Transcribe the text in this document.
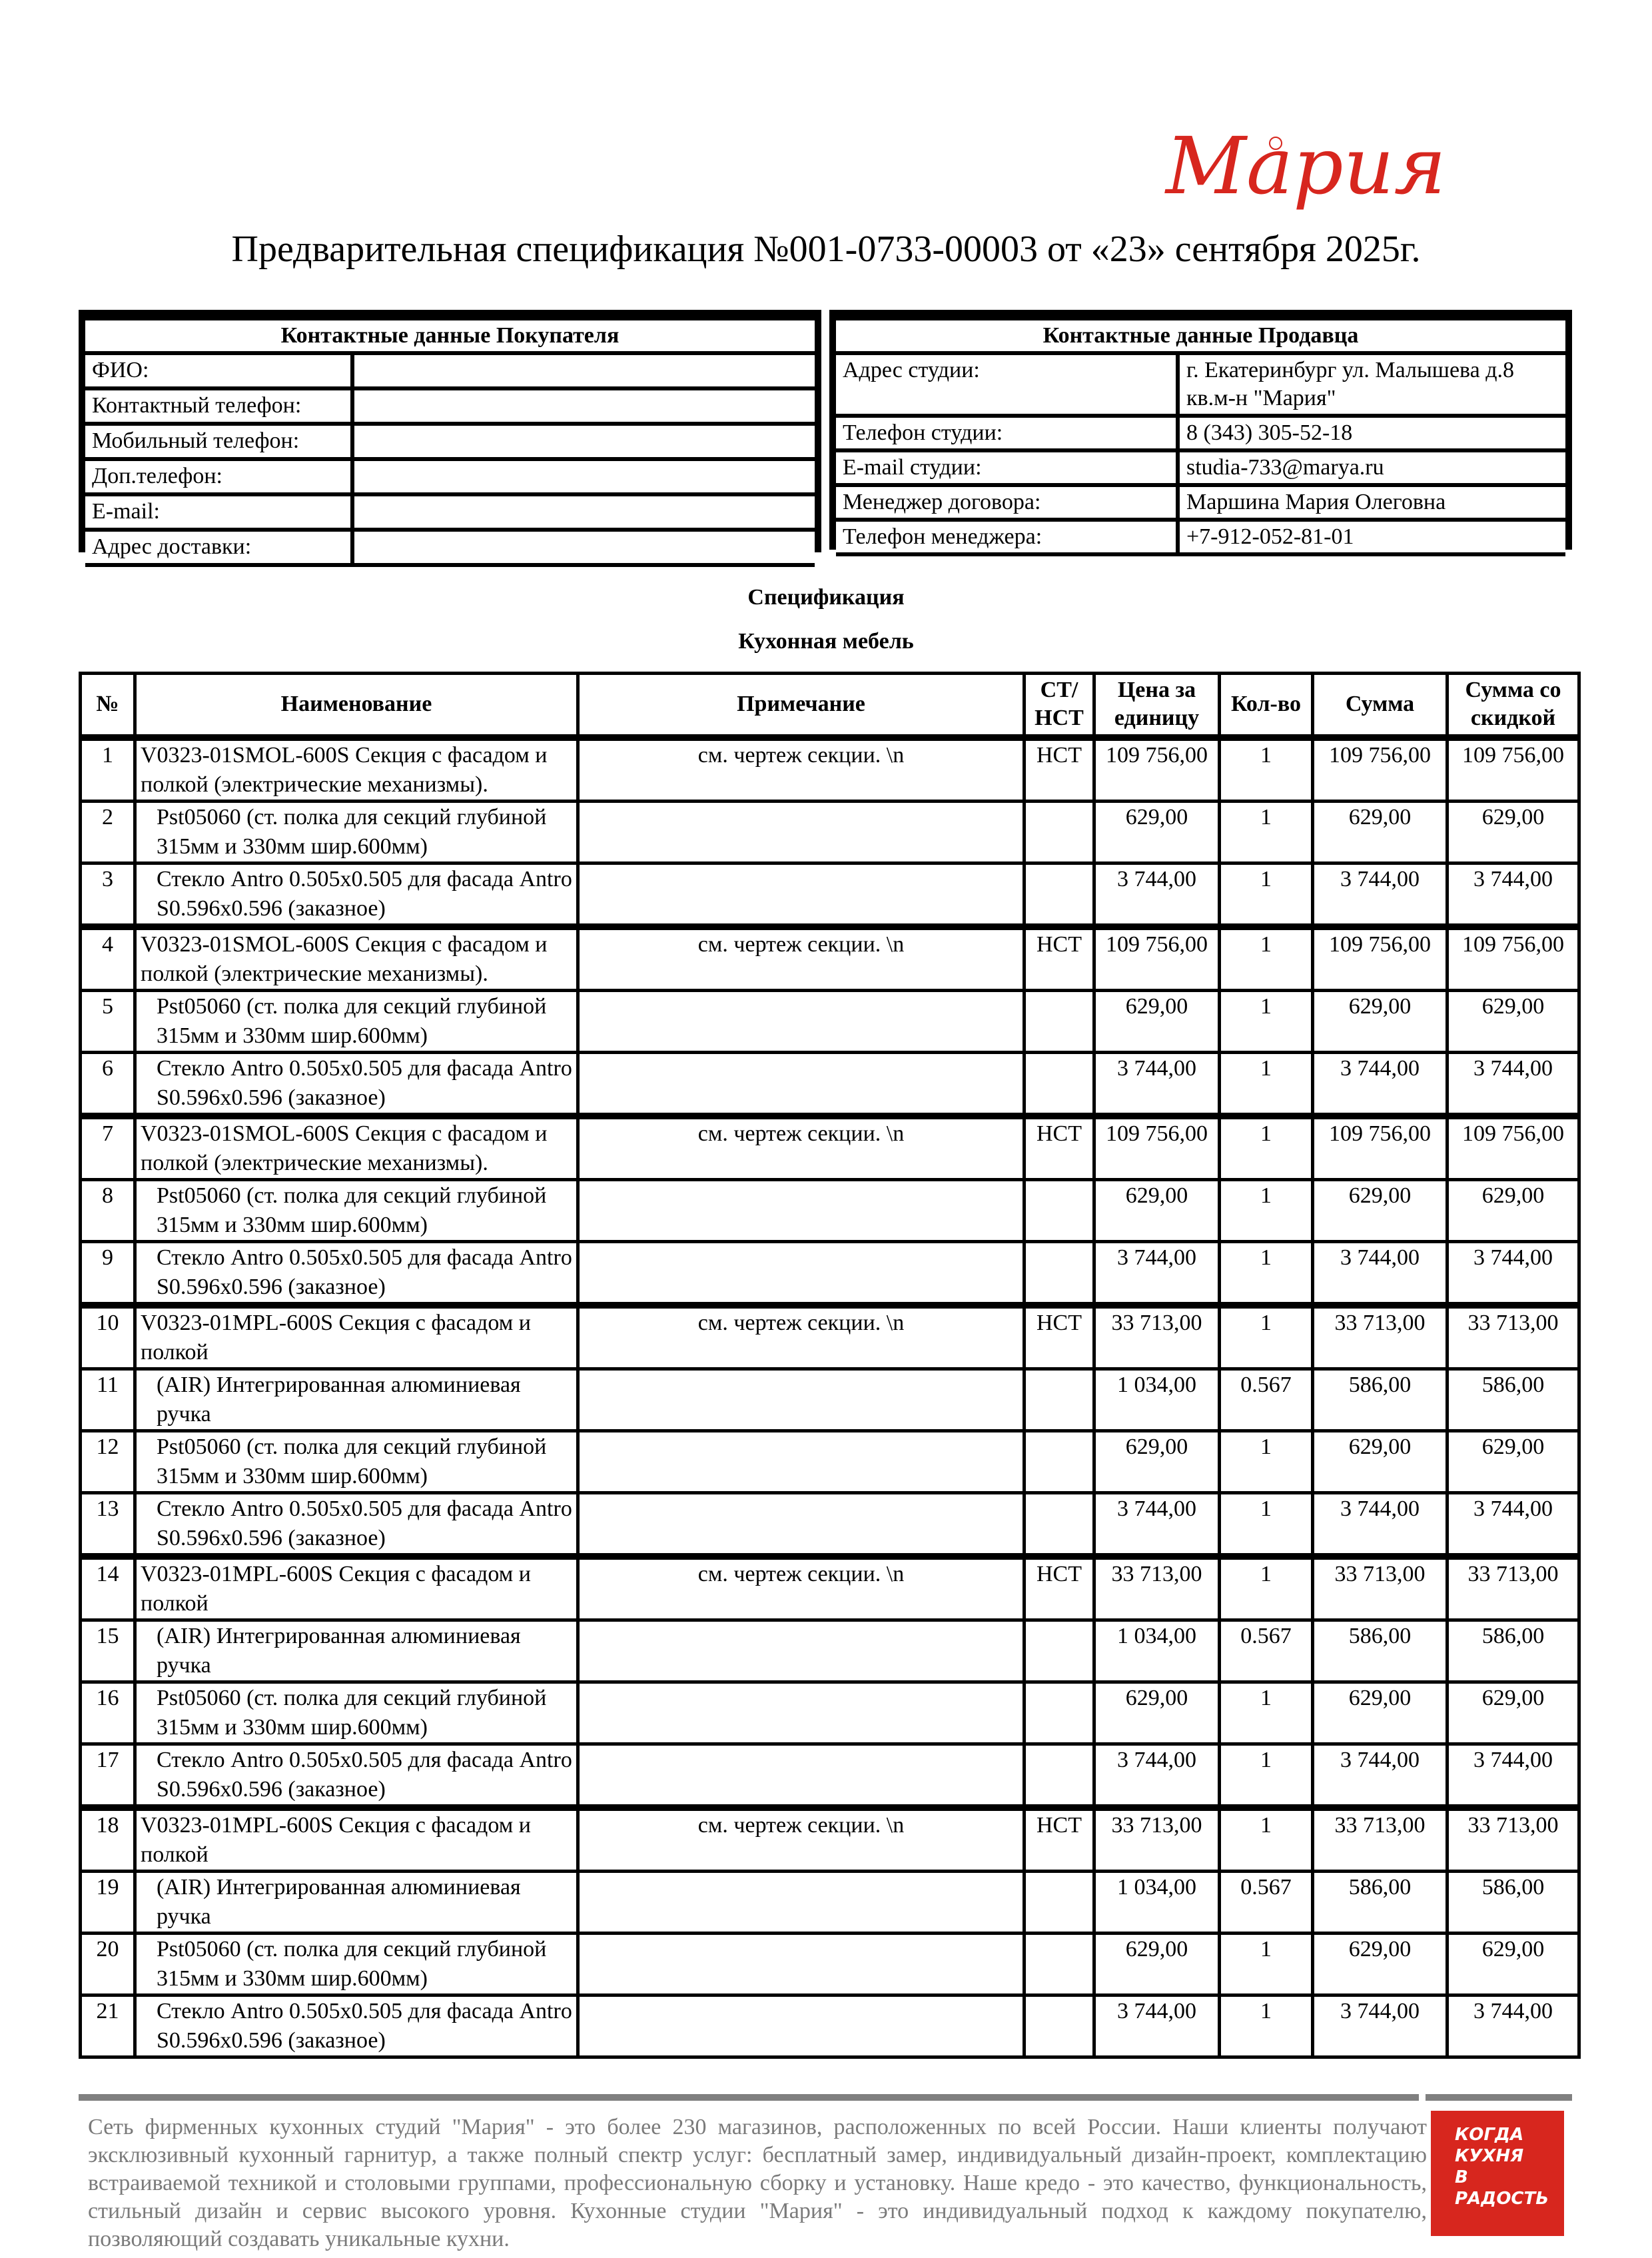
Мария
Предварительная спецификация №001-0733-00003 от «23» сентября 2025г.
Контактные данные Покупателя	
ФИО:	
Контактный телефон:	
Мобильный телефон:	
Доп.телефон:	
E-mail:	
Адрес доставки:	
Контактные данные Продавца	
Адрес студии:	г. Екатеринбург ул. Малышева д.8 кв.м-н "Мария"
Телефон студии:	8 (343) 305-52-18
E-mail студии:	studia-733@marya.ru
Менеджер договора:	Маршина Мария Олеговна
Телефон менеджера:	+7-912-052-81-01
Спецификация
Кухонная мебель
№	Наименование	Примечание	СТ/ НСТ	Цена за единицу	Кол-во	Сумма	Сумма со скидкой
1	V0323-01SMOL-600S Секция с фасадом и полкой (электрические механизмы).	см. чертеж секции. \n	НСТ	109 756,00	1	109 756,00	109 756,00
2	Pst05060 (ст. полка для секций глубиной 315мм и 330мм шир.600мм)			629,00	1	629,00	629,00
3	Стекло Antro 0.505x0.505 для фасада Antro S0.596x0.596 (заказное)			3 744,00	1	3 744,00	3 744,00
4	V0323-01SMOL-600S Секция с фасадом и полкой (электрические механизмы).	см. чертеж секции. \n	НСТ	109 756,00	1	109 756,00	109 756,00
5	Pst05060 (ст. полка для секций глубиной 315мм и 330мм шир.600мм)			629,00	1	629,00	629,00
6	Стекло Antro 0.505x0.505 для фасада Antro S0.596x0.596 (заказное)			3 744,00	1	3 744,00	3 744,00
7	V0323-01SMOL-600S Секция с фасадом и полкой (электрические механизмы).	см. чертеж секции. \n	НСТ	109 756,00	1	109 756,00	109 756,00
8	Pst05060 (ст. полка для секций глубиной 315мм и 330мм шир.600мм)			629,00	1	629,00	629,00
9	Стекло Antro 0.505x0.505 для фасада Antro S0.596x0.596 (заказное)			3 744,00	1	3 744,00	3 744,00
10	V0323-01MPL-600S Секция с фасадом и полкой	см. чертеж секции. \n	НСТ	33 713,00	1	33 713,00	33 713,00
11	(AIR) Интегрированная алюминиевая ручка			1 034,00	0.567	586,00	586,00
12	Pst05060 (ст. полка для секций глубиной 315мм и 330мм шир.600мм)			629,00	1	629,00	629,00
13	Стекло Antro 0.505x0.505 для фасада Antro S0.596x0.596 (заказное)			3 744,00	1	3 744,00	3 744,00
14	V0323-01MPL-600S Секция с фасадом и полкой	см. чертеж секции. \n	НСТ	33 713,00	1	33 713,00	33 713,00
15	(AIR) Интегрированная алюминиевая ручка			1 034,00	0.567	586,00	586,00
16	Pst05060 (ст. полка для секций глубиной 315мм и 330мм шир.600мм)			629,00	1	629,00	629,00
17	Стекло Antro 0.505x0.505 для фасада Antro S0.596x0.596 (заказное)			3 744,00	1	3 744,00	3 744,00
18	V0323-01MPL-600S Секция с фасадом и полкой	см. чертеж секции. \n	НСТ	33 713,00	1	33 713,00	33 713,00
19	(AIR) Интегрированная алюминиевая ручка			1 034,00	0.567	586,00	586,00
20	Pst05060 (ст. полка для секций глубиной 315мм и 330мм шир.600мм)			629,00	1	629,00	629,00
21	Стекло Antro 0.505x0.505 для фасада Antro S0.596x0.596 (заказное)			3 744,00	1	3 744,00	3 744,00
Сеть фирменных кухонных студий "Мария" - это более 230 магазинов, расположенных по всей России. Наши клиенты получают эксклюзивный кухонный гарнитур, а также полный спектр услуг: бесплатный замер, индивидуальный дизайн-проект, комплектацию встраиваемой техникой и столовыми группами, профессиональную сборку и установку. Наше кредо - это качество, функциональность, стильный дизайн и сервис высокого уровня. Кухонные студии "Мария" - это индивидуальный подход к каждому покупателю, позволяющий создавать уникальные кухни.
КОГДА
КУХНЯ
В РАДОСТЬ
